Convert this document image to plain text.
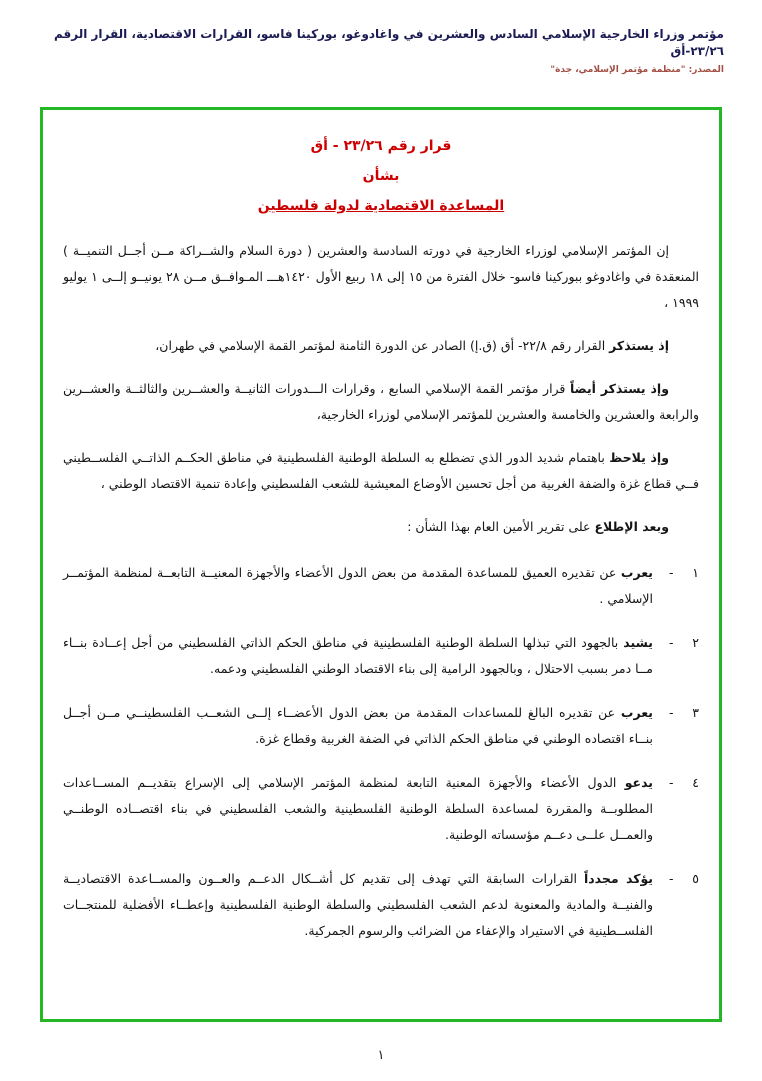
مؤتمر وزراء الخارجية الإسلامي السادس والعشرين في واغادوغو، بوركينا فاسو، القرارات الاقتصادية، القرار الرقم ٢٣/٢٦-أق
المصدر: "منظمة مؤتمر الإسلامي، جدة"
قرار رقم ٢٣/٢٦ - أق
بشأن
المساعدة الاقتصادية لدولة فلسطين

إن المؤتمر الإسلامي لوزراء الخارجية في دورته السادسة والعشرين ( دورة السلام والشــراكة مــن أجــل التنميــة ) المنعقدة في واغادوغو ببوركينا فاسو- خلال الفترة من ١٥ إلى ١٨ ربيع الأول ١٤٢٠هـــ المـوافــق مــن ٢٨ يونيــو إلــى ١ يوليو ١٩٩٩ ،

إذ يستذكر القرار رقم ٢٢/٨- أق (ق.إ) الصادر عن الدورة الثامنة لمؤتمر القمة الإسلامي في طهران،

وإذ يستذكر أيضاً قرار مؤتمر القمة الإسلامي السابع ، وقرارات الـــدورات الثانيــة والعشــرين والثالثــة والعشــرين والرابعة والعشرين والخامسة والعشرين للمؤتمر الإسلامي لوزراء الخارجية،

وإذ يلاحظ باهتمام شديد الدور الذي تضطلع به السلطة الوطنية الفلسطينية في مناطق الحكــم الذاتــي الفلســطيني فــي قطاع غزة والضفة الغربية من أجل تحسين الأوضاع المعيشية للشعب الفلسطيني وإعادة تنمية الاقتصاد الوطني ،

وبعد الإطلاع على تقرير الأمين العام بهذا الشأن :

١
-

يعرب عن تقديره العميق للمساعدة المقدمة من بعض الدول الأعضاء والأجهزة المعنيــة التابعــة لمنظمة المؤتمــر الإسلامي .

٢
-

يشيد بالجهود التي تبذلها السلطة الوطنية الفلسطينية في مناطق الحكم الذاتي الفلسطيني من أجل إعــادة بنــاء مــا دمر بسبب الاحتلال ، وبالجهود الرامية إلى بناء الاقتصاد الوطني الفلسطيني ودعمه.

٣
-

يعرب عن تقديره البالغ للمساعدات المقدمة من بعض الدول الأعضــاء إلــى الشعــب الفلسطينــي مــن أجــل بنــاء اقتصاده الوطني في مناطق الحكم الذاتي في الضفة الغربية وقطاع غزة.

٤
-

يدعو الدول الأعضاء والأجهزة المعنية التابعة لمنظمة المؤتمر الإسلامي إلى الإسراع بتقديــم المســاعدات المطلوبــة والمقررة لمساعدة السلطة الوطنية الفلسطينية والشعب الفلسطيني في بناء اقتصــاده الوطنــي والعمــل علــى دعــم مؤسساته الوطنية.

٥
-

يؤكد مجدداً القرارات السابقة التي تهدف إلى تقديم كل أشــكال الدعــم والعــون والمســاعدة الاقتصاديــة والفنيــة والمادية والمعنوية لدعم الشعب الفلسطيني والسلطة الوطنية الفلسطينية وإعطــاء الأفضلية للمنتجــات الفلســطينية في الاستيراد والإعفاء من الضرائب والرسوم الجمركية.

١
